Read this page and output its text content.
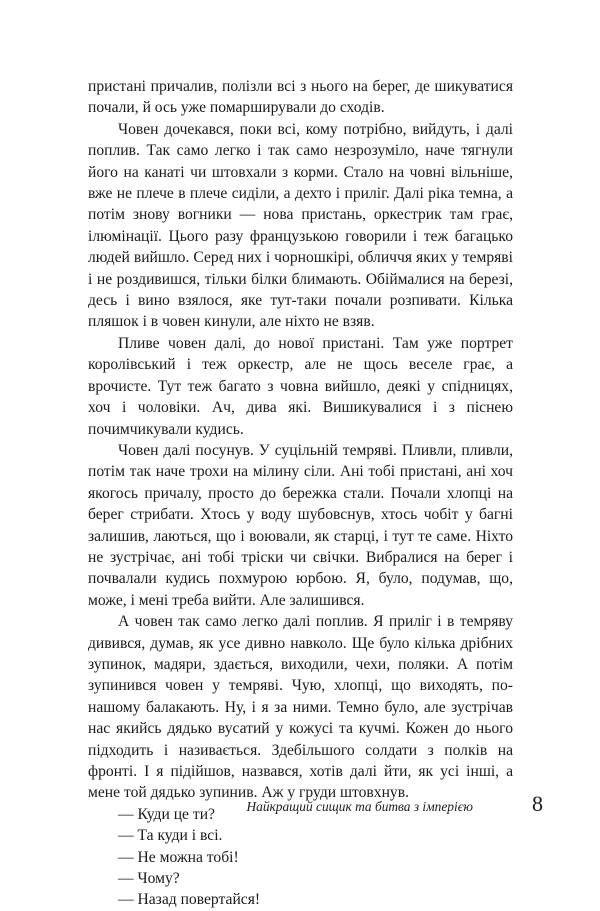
пристані причалив, полізли всі з нього на берег, де шикуватися почали, й ось уже помарширували до сходів.

Човен дочекався, поки всі, кому потрібно, вийдуть, і далі поплив. Так само легко і так само незрозуміло, наче тягнули його на канаті чи штовхали з корми. Стало на човні вільніше, вже не плече в плече сиділи, а дехто і приліг. Далі ріка темна, а потім знову вогники — нова пристань, оркестрик там грає, ілюмінації. Цього разу французькою говорили і теж багацько людей вийшло. Серед них і чорношкірі, обличчя яких у темряві і не роздивишся, тільки білки блимають. Обіймалися на березі, десь і вино взялося, яке тут-таки почали розпивати. Кілька пляшок і в човен кинули, але ніхто не взяв.

Пливе човен далі, до нової пристані. Там уже портрет королівський і теж оркестр, але не щось веселе грає, а врочисте. Тут теж багато з човна вийшло, деякі у спідницях, хоч і чоловіки. Ач, дива які. Вишикувалися і з піснею почимчикували кудись.

Човен далі посунув. У суцільній темряві. Пливли, пливли, потім так наче трохи на мілину сіли. Ані тобі пристані, ані хоч якогось причалу, просто до бережка стали. Почали хлопці на берег стрибати. Хтось у воду шубовснув, хтось чобіт у багні залишив, лаються, що і воювали, як старці, і тут те саме. Ніхто не зустрічає, ані тобі тріски чи свічки. Вибралися на берег і почвалали кудись похмурою юрбою. Я, було, подумав, що, може, і мені треба вийти. Але залишився.

А човен так само легко далі поплив. Я приліг і в темряву дивився, думав, як усе дивно навколо. Ще було кілька дрібних зупинок, мадяри, здається, виходили, чехи, поляки. А потім зупинився човен у темряві. Чую, хлопці, що виходять, по-нашому балакають. Ну, і я за ними. Темно було, але зустрічав нас якийсь дядько вусатий у кожусі та кучмі. Кожен до нього підходить і називається. Здебільшого солдати з полків на фронті. І я підійшов, назвався, хотів далі йти, як усі інші, а мене той дядько зупинив. Аж у груди штовхнув.

— Куди це ти?

— Та куди і всі.

— Не можна тобі!

— Чому?

— Назад повертайся!

Найкращий сищик та битва з імперією	8
